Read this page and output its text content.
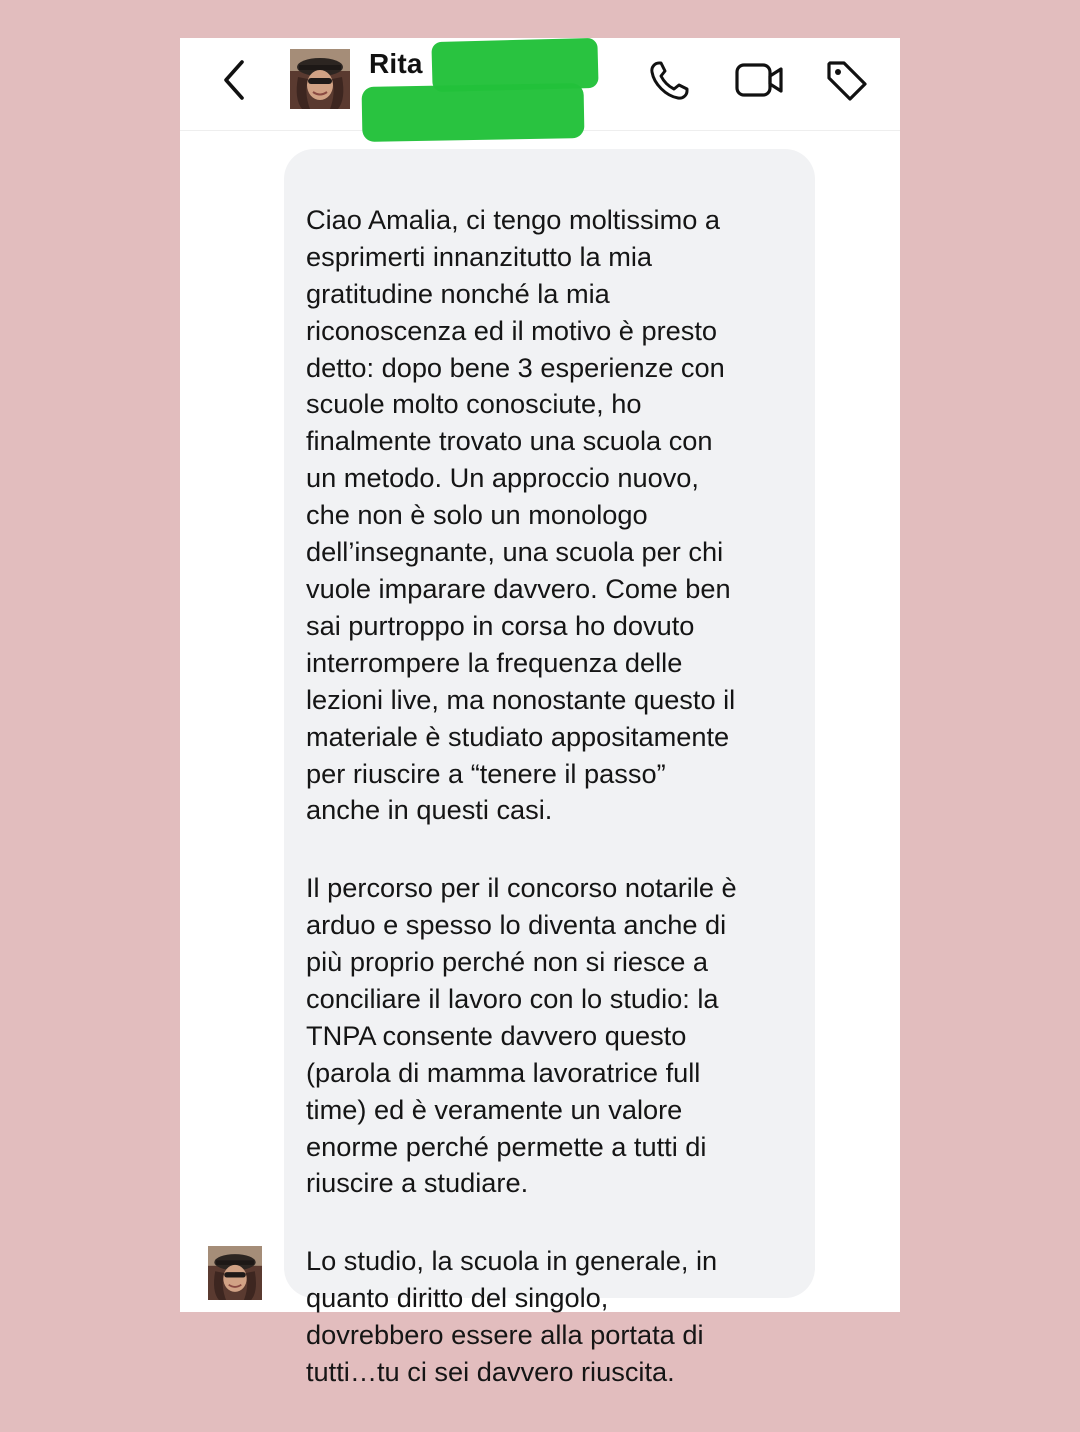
Rita

Ciao Amalia, ci tengo moltissimo a
esprimerti innanzitutto la mia
gratitudine nonché la mia
riconoscenza ed il motivo è presto
detto: dopo bene 3 esperienze con
scuole molto conosciute, ho
finalmente trovato una scuola con
un metodo. Un approccio nuovo,
che non è solo un monologo
dell’insegnante, una scuola per chi
vuole imparare davvero. Come ben
sai purtroppo in corsa ho dovuto
interrompere la frequenza delle
lezioni live, ma nonostante questo il
materiale è studiato appositamente
per riuscire a “tenere il passo”
anche in questi casi.

Il percorso per il concorso notarile è
arduo e spesso lo diventa anche di
più proprio perché non si riesce a
conciliare il lavoro con lo studio: la
TNPA consente davvero questo
(parola di mamma lavoratrice full
time) ed è veramente un valore
enorme perché permette a tutti di
riuscire a studiare.

Lo studio, la scuola in generale, in
quanto diritto del singolo,
dovrebbero essere alla portata di
tutti…tu ci sei davvero riuscita.
